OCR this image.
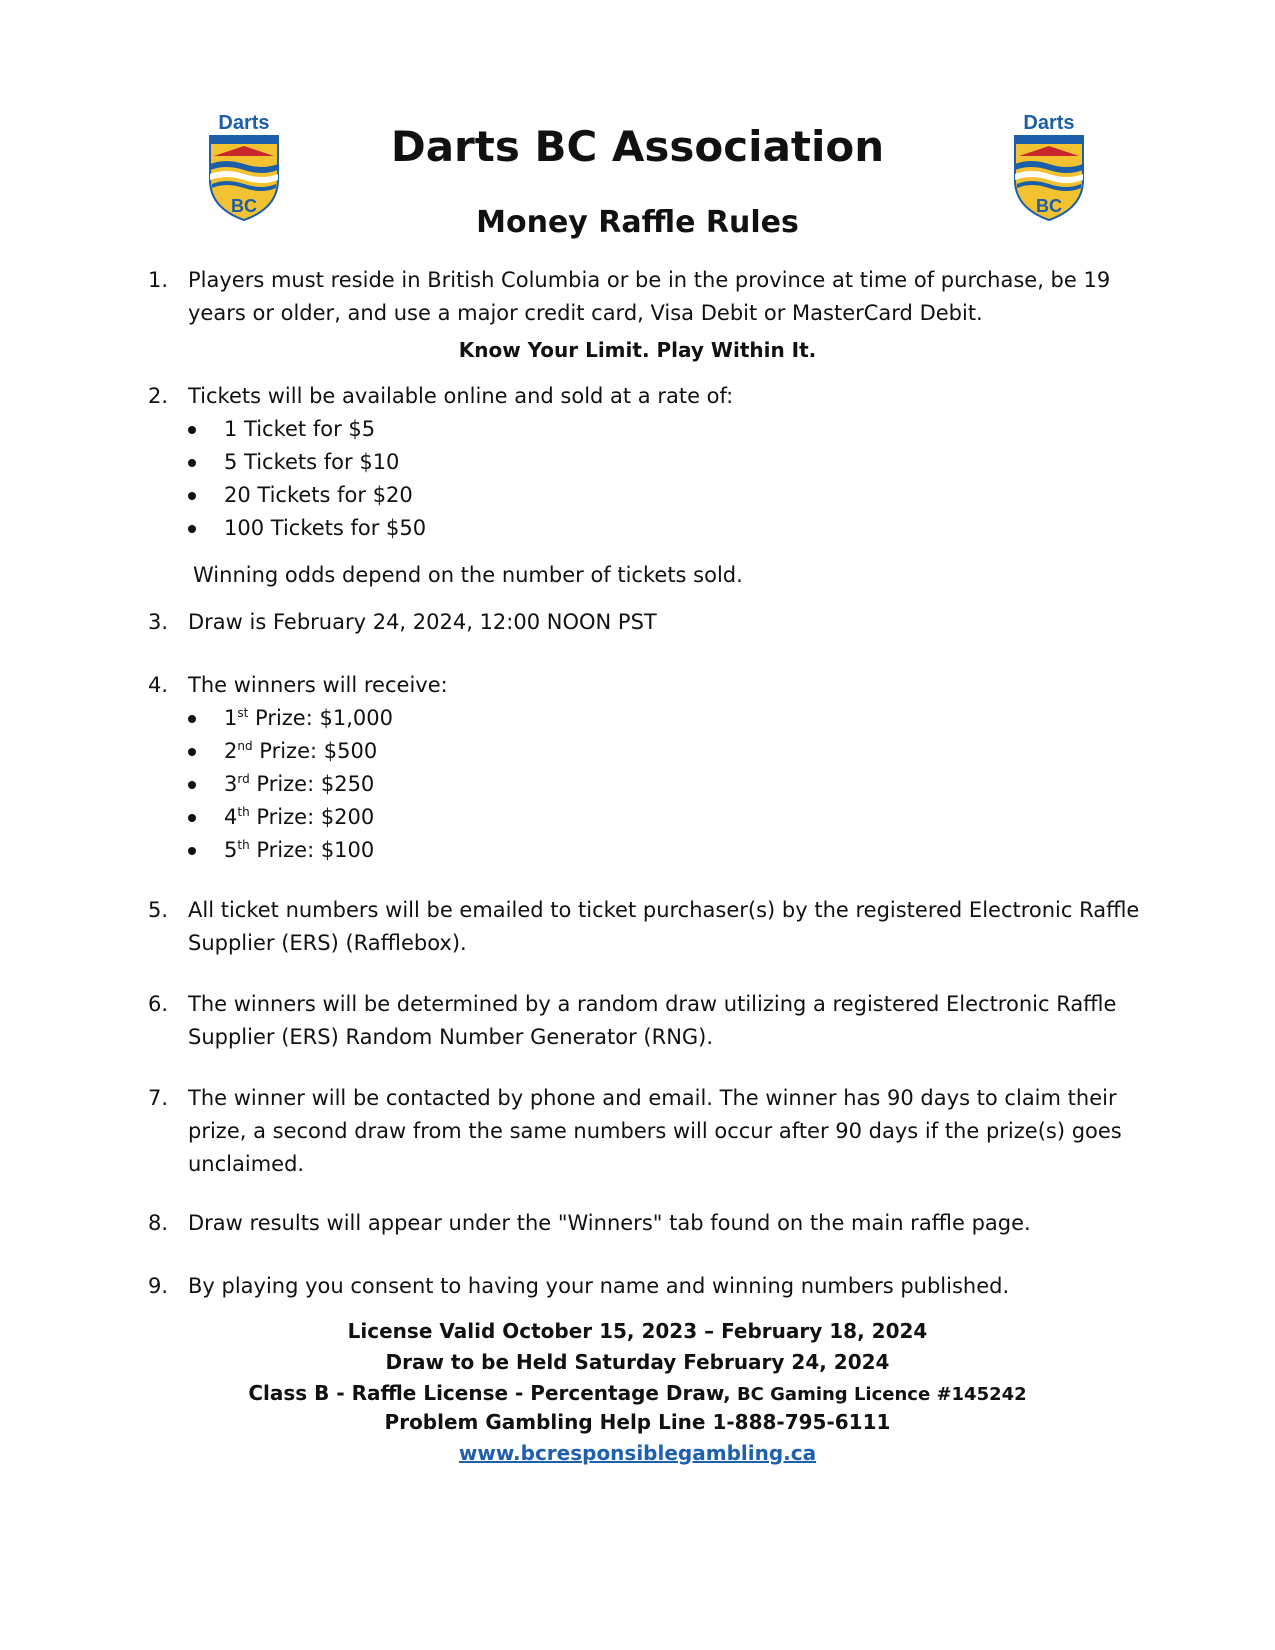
Darts
BC
Darts
BC
Darts BC Association
Money Raffle Rules
1. Players must reside in British Columbia or be in the province at time of purchase, be 19
years or older, and use a major credit card, Visa Debit or MasterCard Debit.
Know Your Limit. Play Within It.
2. Tickets will be available online and sold at a rate of:
1 Ticket for $5
5 Tickets for $10
20 Tickets for $20
100 Tickets for $50
Winning odds depend on the number of tickets sold.
3. Draw is February 24, 2024, 12:00 NOON PST
4. The winners will receive:
1st Prize: $1,000
2nd Prize: $500
3rd Prize: $250
4th Prize: $200
5th Prize: $100
5. All ticket numbers will be emailed to ticket purchaser(s) by the registered Electronic Raffle
Supplier (ERS) (Rafflebox).
6. The winners will be determined by a random draw utilizing a registered Electronic Raffle
Supplier (ERS) Random Number Generator (RNG).
7. The winner will be contacted by phone and email. The winner has 90 days to claim their
prize, a second draw from the same numbers will occur after 90 days if the prize(s) goes
unclaimed.
8. Draw results will appear under the "Winners" tab found on the main raffle page.
9. By playing you consent to having your name and winning numbers published.
License Valid October 15, 2023 – February 18, 2024
Draw to be Held Saturday February 24, 2024
Class B - Raffle License - Percentage Draw, BC Gaming Licence #145242
Problem Gambling Help Line 1-888-795-6111
www.bcresponsiblegambling.ca
